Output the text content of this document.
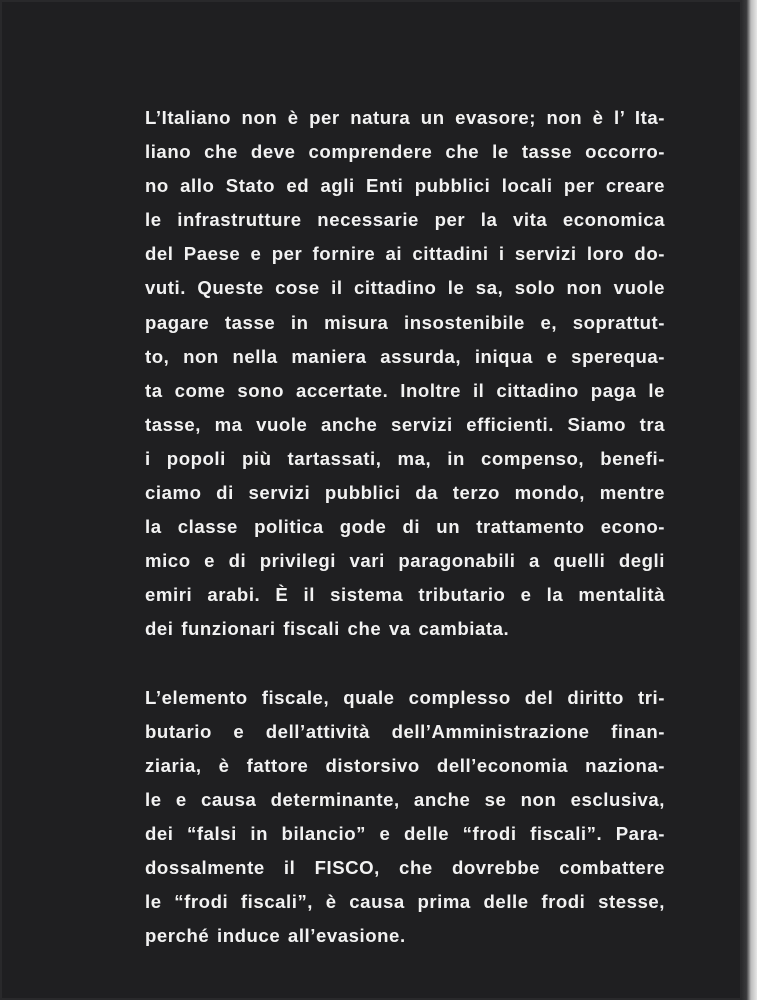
L’Italiano non è per natura un evasore; non è l’ Ita-
liano che deve comprendere che le tasse occorro-
no allo Stato ed agli Enti pubblici locali per creare
le infrastrutture necessarie per la vita economica
del Paese e per fornire ai cittadini i servizi loro do-
vuti. Queste cose il cittadino le sa, solo non vuole
pagare tasse in misura insostenibile e, soprattut-
to, non nella maniera assurda, iniqua e sperequa-
ta come sono accertate. Inoltre il cittadino paga le
tasse, ma vuole anche servizi efficienti. Siamo tra
i popoli più tartassati, ma, in compenso, benefi-
ciamo di servizi pubblici da terzo mondo, mentre
la classe politica gode di un trattamento econo-
mico e di privilegi vari paragonabili a quelli degli
emiri arabi. È il sistema tributario e la mentalità
dei funzionari fiscali che va cambiata.
L’elemento fiscale, quale complesso del diritto tri-
butario e dell’attività dell’Amministrazione finan-
ziaria, è fattore distorsivo dell’economia naziona-
le e causa determinante, anche se non esclusiva,
dei “falsi in bilancio” e delle “frodi fiscali”. Para-
dossalmente il FISCO, che dovrebbe combattere
le “frodi fiscali”, è causa prima delle frodi stesse,
perché induce all’evasione.
